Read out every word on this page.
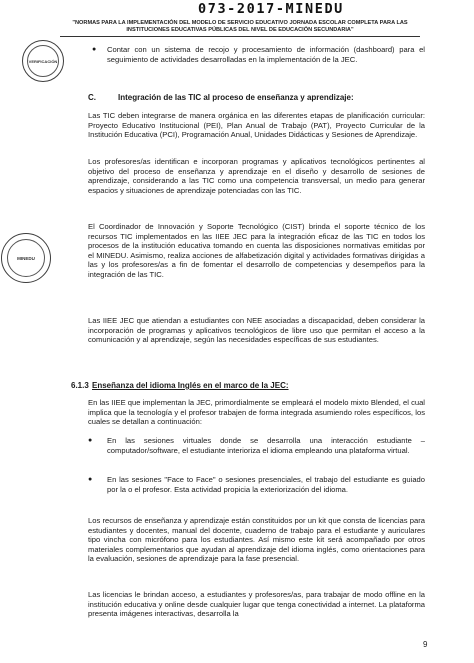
073-2017-MINEDU
"NORMAS PARA LA IMPLEMENTACIÓN DEL MODELO DE SERVICIO EDUCATIVO JORNADA ESCOLAR COMPLETA PARA LAS INSTITUCIONES EDUCATIVAS PÚBLICAS DEL NIVEL DE EDUCACIÓN SECUNDARIA"
VERIFICACIÓN
MINEDU
● Contar con un sistema de recojo y procesamiento de información (dashboard) para el seguimiento de actividades desarrolladas en la implementación de la JEC.

C.	Integración de las TIC al proceso de enseñanza y aprendizaje:

Las TIC deben integrarse de manera orgánica en las diferentes etapas de planificación curricular: Proyecto Educativo Institucional (PEI), Plan Anual de Trabajo (PAT), Proyecto Curricular de la Institución Educativa (PCI), Programación Anual, Unidades Didácticas y Sesiones de Aprendizaje.

Los profesores/as identifican e incorporan programas y aplicativos tecnológicos pertinentes al objetivo del proceso de enseñanza y aprendizaje en el diseño y desarrollo de sesiones de aprendizaje, considerando a las TIC como una competencia transversal, un medio para generar espacios y situaciones de aprendizaje potenciadas con las TIC.

El Coordinador de Innovación y Soporte Tecnológico (CIST) brinda el soporte técnico de los recursos TIC implementados en las IIEE JEC para la integración eficaz de las TIC en todos los procesos de la institución educativa tomando en cuenta las disposiciones normativas emitidas por el MINEDU. Asimismo, realiza acciones de alfabetización digital y actividades formativas dirigidas a las y los profesores/as a fin de fomentar el desarrollo de competencias y desempeños para la integración de las TIC.

Las IIEE JEC que atiendan a estudiantes con NEE asociadas a discapacidad, deben considerar la incorporación de programas y aplicativos tecnológicos de libre uso que permitan el acceso a la comunicación y al aprendizaje, según las necesidades específicas de sus estudiantes.

6.1.3 Enseñanza del idioma Inglés en el marco de la JEC:

En las IIEE que implementan la JEC, primordialmente se empleará el modelo mixto Blended, el cual implica que la tecnología y el profesor trabajen de forma integrada asumiendo roles específicos, los cuales se detallan a continuación:

● En las sesiones virtuales donde se desarrolla una interacción estudiante – computador/software, el estudiante interioriza el idioma empleando una plataforma virtual.

● En las sesiones "Face to Face" o sesiones presenciales, el trabajo del estudiante es guiado por la o el profesor. Esta actividad propicia la exteriorización del idioma.

Los recursos de enseñanza y aprendizaje están constituidos por un kit que consta de licencias para estudiantes y docentes, manual del docente, cuaderno de trabajo para el estudiante y auriculares tipo vincha con micrófono para los estudiantes. Así mismo este kit será acompañado por otros materiales complementarios que ayudan al aprendizaje del idioma inglés, como orientaciones para la evaluación, sesiones de aprendizaje para la fase presencial.

Las licencias le brindan acceso, a estudiantes y profesores/as, para trabajar de modo offline en la institución educativa y online desde cualquier lugar que tenga conectividad a internet. La plataforma presenta imágenes interactivas, desarrolla la

9
